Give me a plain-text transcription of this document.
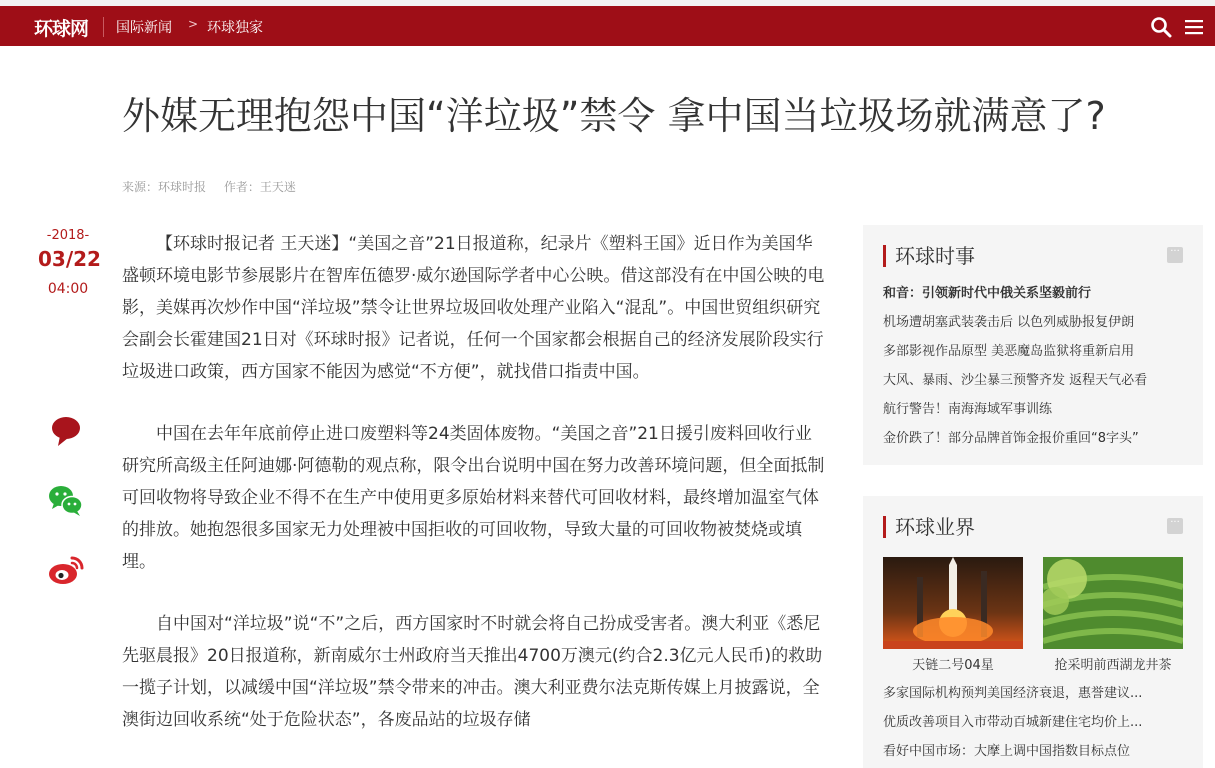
环球网 国际新闻 > 环球独家
外媒无理抱怨中国“洋垃圾”禁令 拿中国当垃圾场就满意了?
来源：环球时报 作者：王天迷
-2018-
03/22
04:00

【环球时报记者 王天迷】“美国之音”21日报道称，纪录片《塑料王国》近日作为美国华盛顿环境电影节参展影片在智库伍德罗·威尔逊国际学者中心公映。借这部没有在中国公映的电影，美媒再次炒作中国“洋垃圾”禁令让世界垃圾回收处理产业陷入“混乱”。中国世贸组织研究会副会长霍建国21日对《环球时报》记者说，任何一个国家都会根据自己的经济发展阶段实行垃圾进口政策，西方国家不能因为感觉“不方便”，就找借口指责中国。

中国在去年年底前停止进口废塑料等24类固体废物。“美国之音”21日援引废料回收行业研究所高级主任阿迪娜·阿德勒的观点称，限令出台说明中国在努力改善环境问题，但全面抵制可回收物将导致企业不得不在生产中使用更多原始材料来替代可回收材料，最终增加温室气体的排放。她抱怨很多国家无力处理被中国拒收的可回收物，导致大量的可回收物被焚烧或填埋。

自中国对“洋垃圾”说“不”之后，西方国家时不时就会将自己扮成受害者。澳大利亚《悉尼先驱晨报》20日报道称，新南威尔士州政府当天推出4700万澳元(约合2.3亿元人民币)的救助一揽子计划，以减缓中国“洋垃圾”禁令带来的冲击。澳大利亚费尔法克斯传媒上月披露说，全澳街边回收系统“处于危险状态”，各废品站的垃圾存储

环球时事	···
和音：引领新时代中俄关系坚毅前行
机场遭胡塞武装袭击后 以色列威胁报复伊朗
多部影视作品原型 美恶魔岛监狱将重新启用
大风、暴雨、沙尘暴三预警齐发 返程天气必看
航行警告！南海海域军事训练
金价跌了！部分品牌首饰金报价重回“8字头”
环球业界	···
天链二号04星	抢采明前西湖龙井茶
多家国际机构预判美国经济衰退，惠誉建议...
优质改善项目入市带动百城新建住宅均价上...
看好中国市场：大摩上调中国指数目标点位
